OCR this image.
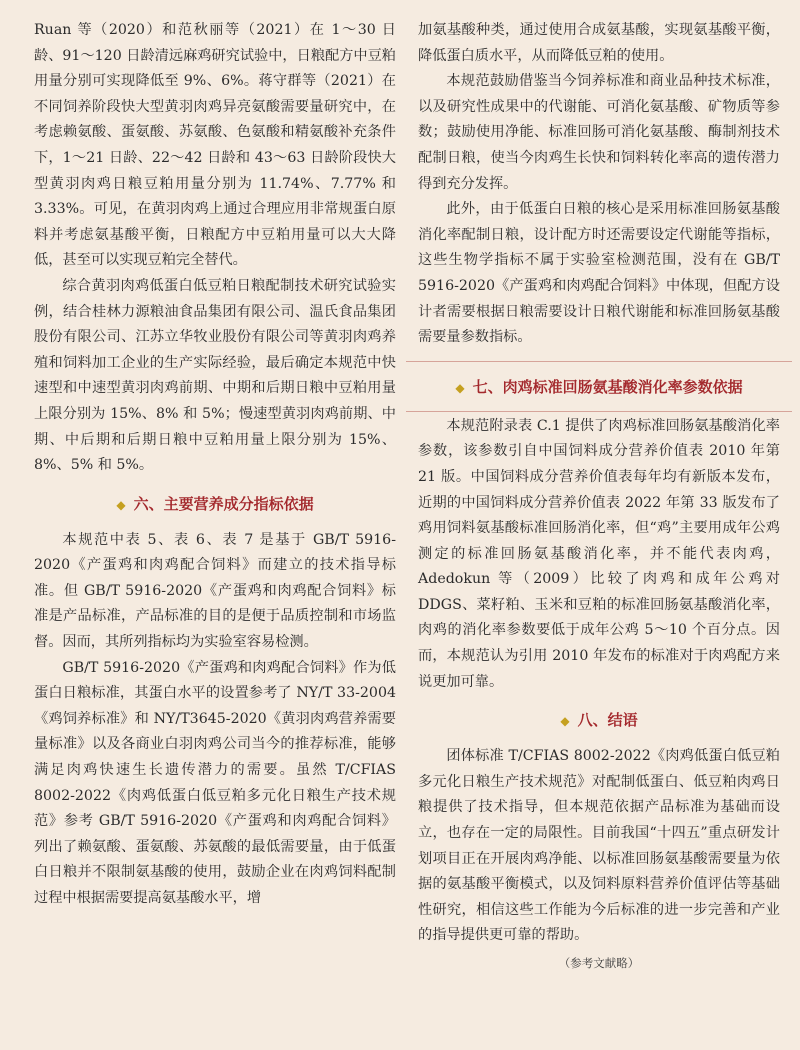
Ruan 等（2020）和范秋丽等（2021）在 1～30 日龄、91～120 日龄清远麻鸡研究试验中，日粮配方中豆粕用量分别可实现降低至 9%、6%。蒋守群等（2021）在不同饲养阶段快大型黄羽肉鸡异亮氨酸需要量研究中，在考虑赖氨酸、蛋氨酸、苏氨酸、色氨酸和精氨酸补充条件下，1～21 日龄、22～42 日龄和 43～63 日龄阶段快大型黄羽肉鸡日粮豆粕用量分别为 11.74%、7.77% 和 3.33%。可见，在黄羽肉鸡上通过合理应用非常规蛋白原料并考虑氨基酸平衡，日粮配方中豆粕用量可以大大降低，甚至可以实现豆粕完全替代。

综合黄羽肉鸡低蛋白低豆粕日粮配制技术研究试验实例，结合桂林力源粮油食品集团有限公司、温氏食品集团股份有限公司、江苏立华牧业股份有限公司等黄羽肉鸡养殖和饲料加工企业的生产实际经验，最后确定本规范中快速型和中速型黄羽肉鸡前期、中期和后期日粮中豆粕用量上限分别为 15%、8% 和 5%；慢速型黄羽肉鸡前期、中期、中后期和后期日粮中豆粕用量上限分别为 15%、8%、5% 和 5%。

◆ 六、主要营养成分指标依据

本规范中表 5、表 6、表 7 是基于 GB/T 5916-2020《产蛋鸡和肉鸡配合饲料》而建立的技术指导标准。但 GB/T 5916-2020《产蛋鸡和肉鸡配合饲料》标准是产品标准，产品标准的目的是便于品质控制和市场监督。因而，其所列指标均为实验室容易检测。

GB/T 5916-2020《产蛋鸡和肉鸡配合饲料》作为低蛋白日粮标准，其蛋白水平的设置参考了 NY/T 33-2004《鸡饲养标准》和 NY/T3645-2020《黄羽肉鸡营养需要量标准》以及各商业白羽肉鸡公司当今的推荐标准，能够满足肉鸡快速生长遗传潜力的需要。虽然 T/CFIAS 8002-2022《肉鸡低蛋白低豆粕多元化日粮生产技术规范》参考 GB/T 5916-2020《产蛋鸡和肉鸡配合饲料》列出了赖氨酸、蛋氨酸、苏氨酸的最低需要量，由于低蛋白日粮并不限制氨基酸的使用，鼓励企业在肉鸡饲料配制过程中根据需要提高氨基酸水平，增

加氨基酸种类，通过使用合成氨基酸，实现氨基酸平衡，降低蛋白质水平，从而降低豆粕的使用。

本规范鼓励借鉴当今饲养标准和商业品种技术标准，以及研究性成果中的代谢能、可消化氨基酸、矿物质等参数；鼓励使用净能、标准回肠可消化氨基酸、酶制剂技术配制日粮，使当今肉鸡生长快和饲料转化率高的遗传潜力得到充分发挥。

此外，由于低蛋白日粮的核心是采用标准回肠氨基酸消化率配制日粮，设计配方时还需要设定代谢能等指标，这些生物学指标不属于实验室检测范围，没有在 GB/T 5916-2020《产蛋鸡和肉鸡配合饲料》中体现，但配方设计者需要根据日粮需要设计日粮代谢能和标准回肠氨基酸需要量参数指标。

◆ 七、肉鸡标准回肠氨基酸消化率参数依据

本规范附录表 C.1 提供了肉鸡标准回肠氨基酸消化率参数，该参数引自中国饲料成分营养价值表 2010 年第 21 版。中国饲料成分营养价值表每年均有新版本发布，近期的中国饲料成分营养价值表 2022 年第 33 版发布了鸡用饲料氨基酸标准回肠消化率，但“鸡”主要用成年公鸡测定的标准回肠氨基酸消化率，并不能代表肉鸡，Adedokun 等（2009）比较了肉鸡和成年公鸡对 DDGS、菜籽粕、玉米和豆粕的标准回肠氨基酸消化率，肉鸡的消化率参数要低于成年公鸡 5～10 个百分点。因而，本规范认为引用 2010 年发布的标准对于肉鸡配方来说更加可靠。

◆ 八、结语

团体标准 T/CFIAS 8002-2022《肉鸡低蛋白低豆粕多元化日粮生产技术规范》对配制低蛋白、低豆粕肉鸡日粮提供了技术指导，但本规范依据产品标准为基础而设立，也存在一定的局限性。目前我国“十四五”重点研发计划项目正在开展肉鸡净能、以标准回肠氨基酸需要量为依据的氨基酸平衡模式，以及饲料原料营养价值评估等基础性研究，相信这些工作能为今后标准的进一步完善和产业的指导提供更可靠的帮助。

（参考文献略）
